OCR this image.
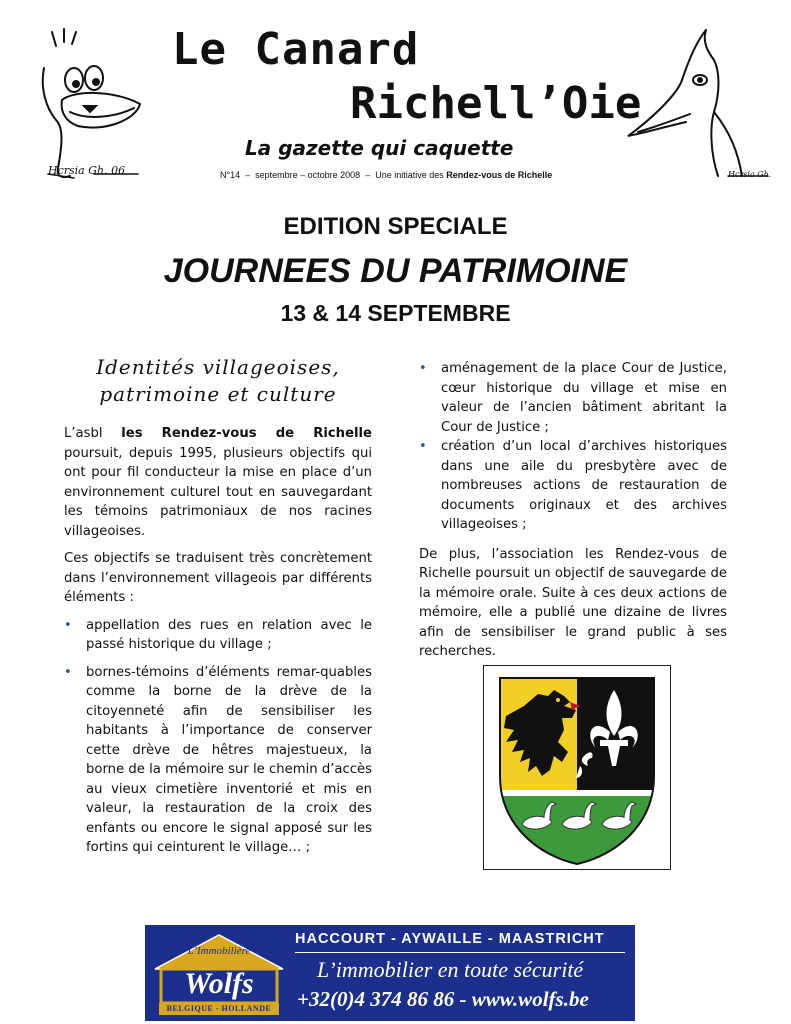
Hcrsia Gh. 06
Le Canard
Richell’Oie
La gazette qui caquette
N°14  –  septembre – octobre 2008  –  Une initiative des Rendez-vous de Richelle	Hcrsia Gh.
EDITION SPECIALE
JOURNEES DU PATRIMOINE
13 & 14 SEPTEMBRE
Identités villageoises, patrimoine et culture

L’asbl les Rendez-vous de Richelle poursuit, depuis 1995, plusieurs objectifs qui ont pour fil conducteur la mise en place d’un environnement culturel tout en sauvegardant les témoins patrimoniaux de nos racines villageoises.

Ces objectifs se traduisent très concrètement dans l’environnement villageois par différents éléments :

• appellation des rues en relation avec le passé historique du village ;
• bornes-témoins d’éléments remar-quables comme la borne de la drève de la citoyenneté afin de sensibiliser les habitants à l’importance de conserver cette drève de hêtres majestueux, la borne de la mémoire sur le chemin d’accès au vieux cimetière inventorié et mis en valeur, la restauration de la croix des enfants ou encore le signal apposé sur les fortins qui ceinturent le village… ;
• aménagement de la place Cour de Justice, cœur historique du village et mise en valeur de l’ancien bâtiment abritant la Cour de Justice ;
• création d’un local d’archives historiques dans une aile du presbytère avec de nombreuses actions de restauration de documents originaux et des archives villageoises ;

De plus, l’association les Rendez-vous de Richelle poursuit un objectif de sauvegarde de la mémoire orale. Suite à ces deux actions de mémoire, elle a publié une dizaine de livres afin de sensibiliser le grand public à ses recherches.

L’Immobilière
Wolfs
BELGIQUE - HOLLANDE
HACCOURT - AYWAILLE - MAASTRICHT
L’immobilier en toute sécurité
+32(0)4 374 86 86 - www.wolfs.be
